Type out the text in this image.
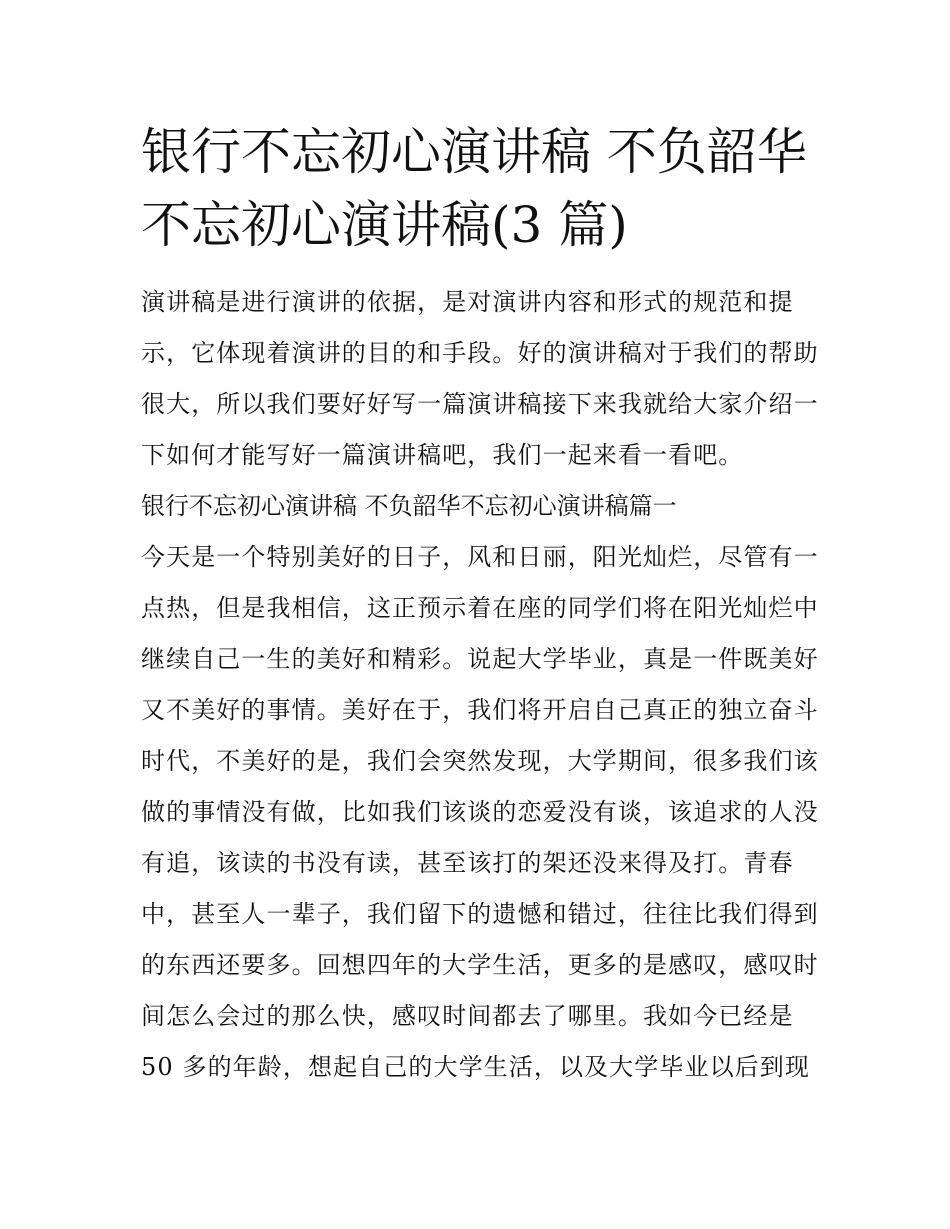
银行不忘初心演讲稿 不负韶华
不忘初心演讲稿(3 篇)

演讲稿是进行演讲的依据，是对演讲内容和形式的规范和提
示，它体现着演讲的目的和手段。好的演讲稿对于我们的帮助
很大，所以我们要好好写一篇演讲稿接下来我就给大家介绍一
下如何才能写好一篇演讲稿吧，我们一起来看一看吧。

银行不忘初心演讲稿 不负韶华不忘初心演讲稿篇一

今天是一个特别美好的日子，风和日丽，阳光灿烂，尽管有一
点热，但是我相信，这正预示着在座的同学们将在阳光灿烂中
继续自己一生的美好和精彩。说起大学毕业，真是一件既美好
又不美好的事情。美好在于，我们将开启自己真正的独立奋斗
时代，不美好的是，我们会突然发现，大学期间，很多我们该
做的事情没有做，比如我们该谈的恋爱没有谈，该追求的人没
有追，该读的书没有读，甚至该打的架还没来得及打。青春
中，甚至人一辈子，我们留下的遗憾和错过，往往比我们得到
的东西还要多。回想四年的大学生活，更多的是感叹，感叹时
间怎么会过的那么快，感叹时间都去了哪里。我如今已经是
50 多的年龄，想起自己的大学生活，以及大学毕业以后到现
